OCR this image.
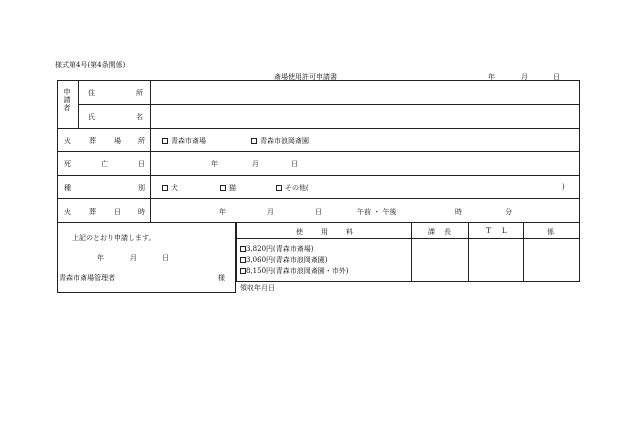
様式第4号(第4条関係)
斎場使用許可申請書	年	月	日
申請者
住	所
氏	名
火	葬	場 所	青森市斎場	青森市浪岡斎園
死	亡	日	年	月	日
種	別	犬	猫	その他(	)
火	葬	日 時	年	月	日	午前 ・ 午後	時	分
上記のとおり申請します。
年	月	日
青森市斎場管理者	様
使	用	料
3,820円(青森市斎場)
3,060円(青森市浪岡斎園)
8,150円(青森市浪岡斎園・市外)
領収年月日
課 長	T L	係
